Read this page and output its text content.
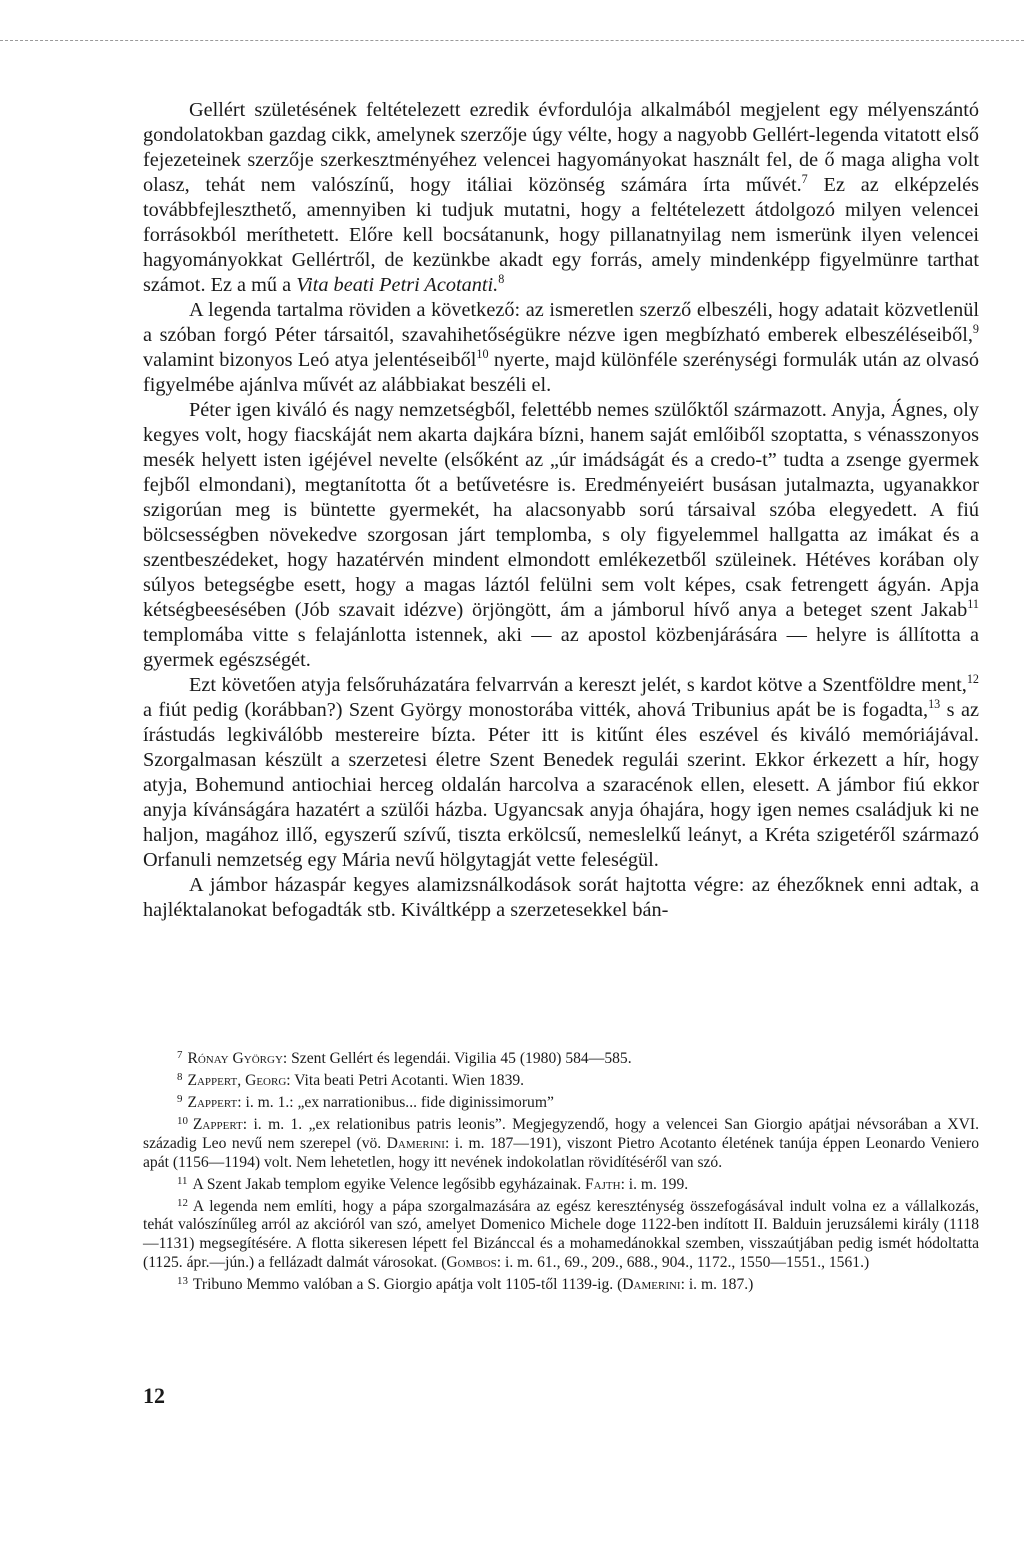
Gellért születésének feltételezett ezredik évfordulója alkalmából megjelent egy mélyenszántó gondolatokban gazdag cikk, amelynek szerzője úgy vélte, hogy a nagyobb Gellért-legenda vitatott első fejezeteinek szerzője szerkesztményéhez velencei hagyományokat használt fel, de ő maga aligha volt olasz, tehát nem valószínű, hogy itáliai közönség számára írta művét.$^7$ Ez az elképzelés továbbfejleszthető, amennyiben ki tudjuk mutatni, hogy a feltételezett átdolgozó milyen velencei forrásokból meríthetett. Előre kell bocsátanunk, hogy pillanatnyilag nem ismerünk ilyen velencei hagyományokkat Gellértről, de kezünkbe akadt egy forrás, amely mindenképp figyelmünre tarthat számot. Ez a mű a Vita beati Petri Acotanti.$^8$

A legenda tartalma röviden a következő: az ismeretlen szerző elbeszéli, hogy adatait közvetlenül a szóban forgó Péter társaitól, szavahihetőségükre nézve igen megbízható emberek elbeszéléseiből,$^9$ valamint bizonyos Leó atya jelentéseiből$^{10}$ nyerte, majd különféle szerénységi formulák után az olvasó figyelmébe ajánlva művét az alábbiakat beszéli el.

Péter igen kiváló és nagy nemzetségből, felettébb nemes szülőktől származott. Anyja, Ágnes, oly kegyes volt, hogy fiacskáját nem akarta dajkára bízni, hanem saját emlőiből szoptatta, s vénasszonyos mesék helyett isten igéjével nevelte (elsőként az „úr imádságát és a credo-t” tudta a zsenge gyermek fejből elmondani), megtanította őt a betűvetésre is. Eredményeiért busásan jutalmazta, ugyanakkor szigorúan meg is büntette gyermekét, ha alacsonyabb sorú társaival szóba elegyedett. A fiú bölcsességben növekedve szorgosan járt templomba, s oly figyelemmel hallgatta az imákat és a szentbeszédeket, hogy hazatérvén mindent elmondott emlékezetből szüleinek. Hétéves korában oly súlyos betegségbe esett, hogy a magas láztól felülni sem volt képes, csak fetrengett ágyán. Apja kétségbeesésében (Jób szavait idézve) örjöngött, ám a jámborul hívő anya a beteget szent Jakab$^{11}$ templomába vitte s felajánlotta istennek, aki — az apostol közbenjárására — helyre is állította a gyermek egészségét.

Ezt követően atyja felsőruházatára felvarrván a kereszt jelét, s kardot kötve a Szentföldre ment,$^{12}$ a fiút pedig (korábban?) Szent György monostorába vitték, ahová Tribunius apát be is fogadta,$^{13}$ s az írástudás legkiválóbb mestereire bízta. Péter itt is kitűnt éles eszével és kiváló memóriájával. Szorgalmasan készült a szerzetesi életre Szent Benedek regulái szerint. Ekkor érkezett a hír, hogy atyja, Bohemund antiochiai herceg oldalán harcolva a szaracénok ellen, elesett. A jámbor fiú ekkor anyja kívánságára hazatért a szülői házba. Ugyancsak anyja óhajára, hogy igen nemes családjuk ki ne haljon, magához illő, egyszerű szívű, tiszta erkölcsű, nemeslelkű leányt, a Kréta szigetéről származó Orfanuli nemzetség egy Mária nevű hölgytagját vette feleségül.

A jámbor házaspár kegyes alamizsnálkodások sorát hajtotta végre: az éhezőknek enni adtak, a hajléktalanokat befogadták stb. Kiváltképp a szerzetesekkel bán-

$^7$ Rónay György: Szent Gellért és legendái. Vigilia 45 (1980) 584—585.

$^8$ Zappert, Georg: Vita beati Petri Acotanti. Wien 1839.

$^9$ Zappert: i. m. 1.: „ex narrationibus... fide diginissimorum”

$^{10}$ Zappert: i. m. 1. „ex relationibus patris leonis”. Megjegyzendő, hogy a velencei San Giorgio apátjai névsorában a XVI. századig Leo nevű nem szerepel (vö. Damerini: i. m. 187—191), viszont Pietro Acotanto életének tanúja éppen Leonardo Veniero apát (1156—1194) volt. Nem lehetetlen, hogy itt nevének indokolatlan rövidítéséről van szó.

$^{11}$ A Szent Jakab templom egyike Velence legősibb egyházainak. Fajth: i. m. 199.

$^{12}$ A legenda nem említi, hogy a pápa szorgalmazására az egész kereszténység összefogásával indult volna ez a vállalkozás, tehát valószínűleg arról az akcióról van szó, amelyet Domenico Michele doge 1122-ben indított II. Balduin jeruzsálemi király (1118—1131) megsegítésére. A flotta sikeresen lépett fel Bizánccal és a mohamedánokkal szemben, visszaútjában pedig ismét hódoltatta (1125. ápr.—jún.) a fellázadt dalmát városokat. (Gombos: i. m. 61., 69., 209., 688., 904., 1172., 1550—1551., 1561.)

$^{13}$ Tribuno Memmo valóban a S. Giorgio apátja volt 1105-től 1139-ig. (Damerini: i. m. 187.)

12
